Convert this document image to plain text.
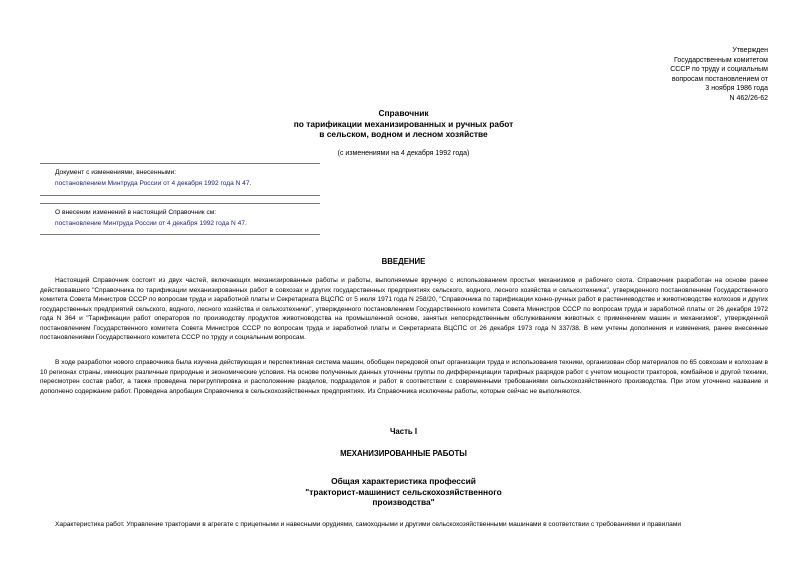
Утвержден
Государственным комитетом
СССР по труду и социальным
вопросам постановлением от
3 ноября 1986 года
N 462/26-62
Справочник
по тарификации механизированных и ручных работ
в сельском, водном и лесном хозяйстве
(с изменениями на 4 декабря 1992 года)
Документ с изменениями, внесенными:
постановлением Минтруда России от 4 декабря 1992 года N 47.
О внесении изменений в настоящий Справочник см:
постановление Минтруда России от 4 декабря 1992 года N 47.
ВВЕДЕНИЕ
Настоящий Справочник состоит из двух частей, включающих механизированные работы и работы, выполняемые вручную с использованием простых механизмов и рабочего скота. Справочник разработан на основе ранее действовавшего "Справочника по тарификации механизированных работ в совхозах и других государственных предприятиях сельского, водного, лесного хозяйства и сельхозтехника", утвержденного постановлением Государственного комитета Совета Министров СССР по вопросам труда и заработной платы и Секретариата ВЦСПС от 5 июля 1971 года N 258/20, "Справочника по тарификации конно-ручных работ в растениеводстве и животноводстве колхозов и других государственных предприятий сельского, водного, лесного хозяйства и сельхозтехники", утвержденного постановлением Государственного комитета Совета Министров СССР по вопросам труда и заработной платы от 26 декабря 1972 года N 364 и "Тарификации работ операторов по производству продуктов животноводства на промышленной основе, занятых непосредственным обслуживанием животных с применением машин и механизмов", утвержденной постановлением Государственного комитета Совета Министров СССР по вопросам труда и заработной платы и Секретариата ВЦСПС от 26 декабря 1973 года N 337/38. В нем учтены дополнения и изменения, ранее внесенные постановлениями Государственного комитета СССР по труду и социальным вопросам.
В ходе разработки нового справочника была изучена действующая и перспективная система машин, обобщен передовой опыт организации труда и использования техники, организован сбор материалов по 65 совхозам и колхозам в 10 регионах страны, имеющих различные природные и экономические условия. На основе полученных данных уточнены группы по дифференциации тарифных разрядов работ с учетом мощности тракторов, комбайнов и другой техники, пересмотрен состав работ, а также проведена перегруппировка и расположение разделов, подразделов и работ в соответствии с современными требованиями сельскохозяйственного производства. При этом уточнено название и дополнено содержание работ. Проведена апробация Справочника в сельскохозяйственных предприятиях. Из Справочника исключены работы, которые сейчас не выполняются.
Часть I
МЕХАНИЗИРОВАННЫЕ РАБОТЫ
Общая характеристика профессий
"тракторист-машинист сельскохозяйственного
производства"
Характеристика работ. Управление тракторами в агрегате с прицепными и навесными орудиями, самоходными и другими сельскохозяйственными машинами в соответствии с требованиями и правилами
